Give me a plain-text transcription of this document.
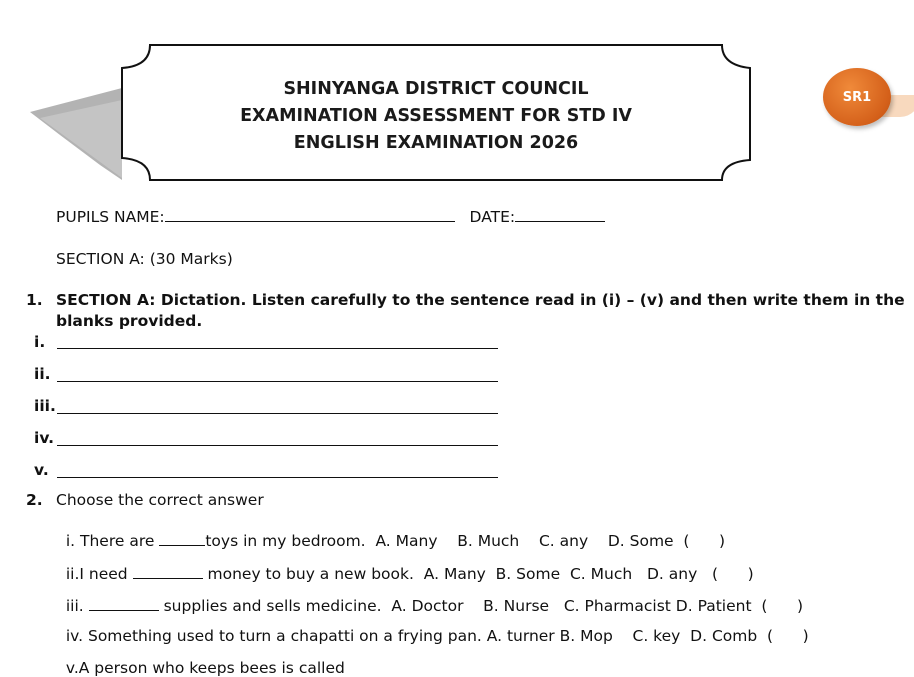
SHINYANGA DISTRICT COUNCIL
EXAMINATION ASSESSMENT FOR STD IV
ENGLISH EXAMINATION 2026
SR1
PUPILS NAME:	DATE:
SECTION A: (30 Marks)
1. SECTION A: Dictation. Listen carefully to the sentence read in (i) – (v) and then write them in the
blanks provided.
i.
ii.
iii.
iv.
v.
2. Choose the correct answer

i. There are	toys in my bedroom. A. Many    B. Much    C. any    D. Some  (      )

ii.I need	money to buy a new book. A. Many  B. Some  C. Much   D. any   (      )

iii.	supplies and sells medicine. A. Doctor    B. Nurse   C. Pharmacist D. Patient  (      )

iv. Something used to turn a chapatti on a frying pan. A. turner B. Mop    C. key  D. Comb  (      )

v.A person who keeps bees is called
